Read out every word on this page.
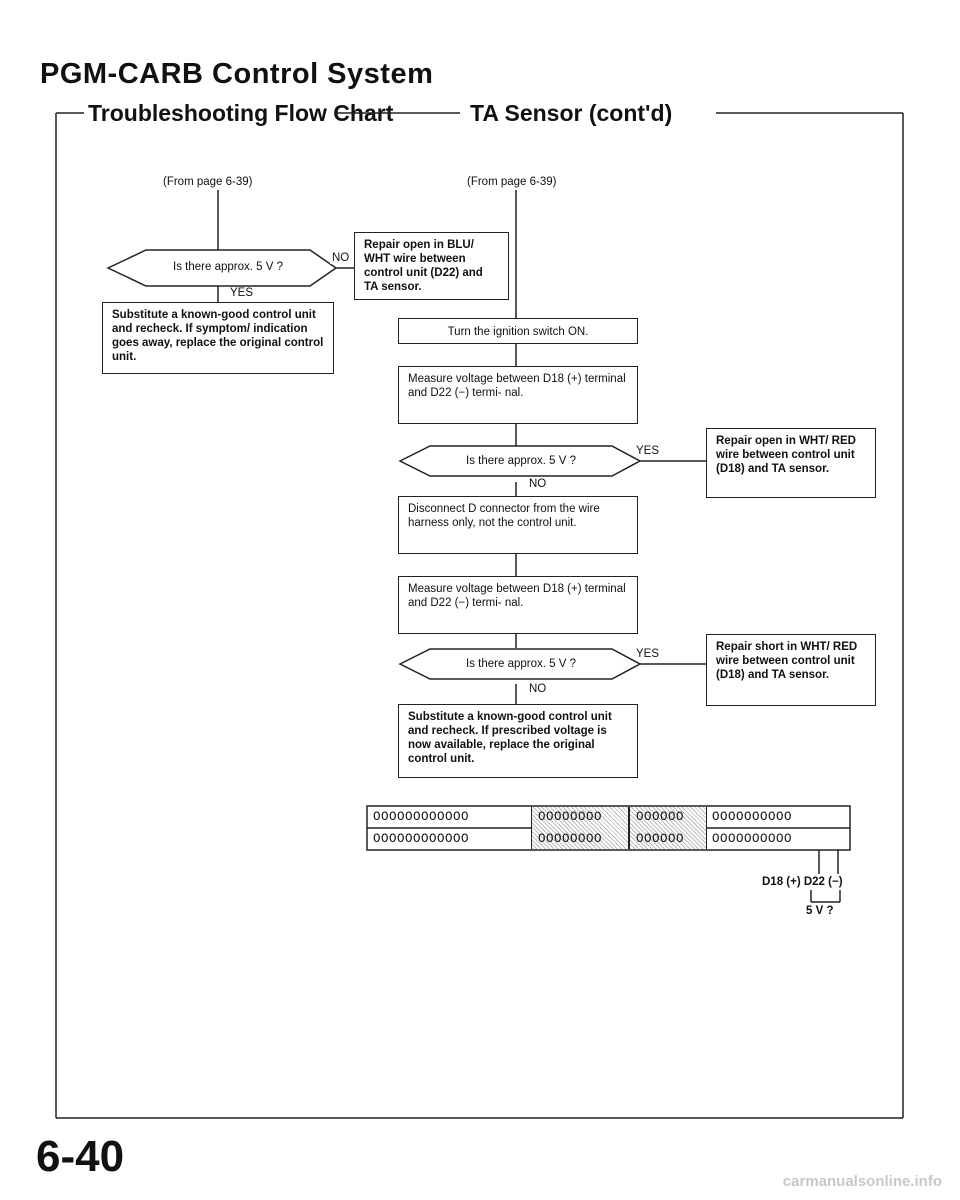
PGM-CARB Control System
Troubleshooting Flow Chart	TA Sensor (cont'd)
(From page 6-39)
Is there approx. 5 V ?
NO
YES
Repair open in BLU/ WHT wire between control unit (D22) and TA sensor.
Substitute a known-good control unit and recheck. If symptom/ indication goes away, replace the original control unit.
(From page 6-39)
Turn the ignition switch ON.
Measure voltage between D18 (+) terminal and D22 (−) termi- nal.
Is there approx. 5 V ?
YES
NO
Repair open in WHT/ RED wire between control unit (D18) and TA sensor.
Disconnect D connector from the wire harness only, not the control unit.
Measure voltage between D18 (+) terminal and D22 (−) termi- nal.
Is there approx. 5 V ?
YES
NO
Repair short in WHT/ RED wire between control unit (D18) and TA sensor.
Substitute a known-good control unit and recheck. If prescribed voltage is now available, replace the original control unit.
OOOOOOOOOOOO	OOOOOOOO	OOOOOO OOOOOOOOOO
OOOOOOOOOOOO	OOOOOOOO	OOOOOO OOOOOOOOOO
D18 (+) D22 (−)
5 V ?
6-40
carmanualsonline.info
